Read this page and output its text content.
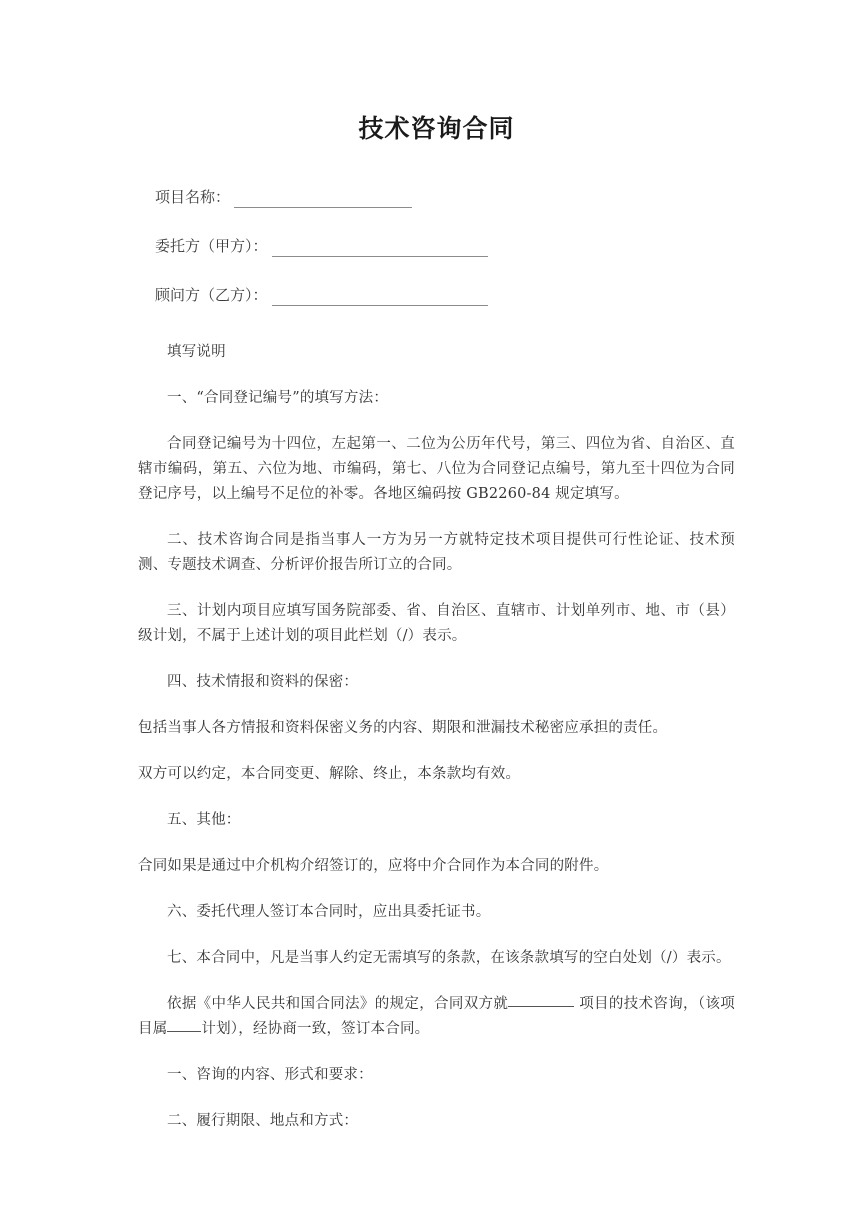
技术咨询合同
项目名称：
委托方（甲方）：
顾问方（乙方）：

填写说明

一、“合同登记编号”的填写方法：

合同登记编号为十四位，左起第一、二位为公历年代号，第三、四位为省、自治区、直辖市编码，第五、六位为地、市编码，第七、八位为合同登记点编号，第九至十四位为合同登记序号，以上编号不足位的补零。各地区编码按 GB2260-84 规定填写。

二、技术咨询合同是指当事人一方为另一方就特定技术项目提供可行性论证、技术预测、专题技术调查、分析评价报告所订立的合同。

三、计划内项目应填写国务院部委、省、自治区、直辖市、计划单列市、地、市（县）级计划，不属于上述计划的项目此栏划（/）表示。

四、技术情报和资料的保密：

包括当事人各方情报和资料保密义务的内容、期限和泄漏技术秘密应承担的责任。

双方可以约定，本合同变更、解除、终止，本条款均有效。

五、其他：

合同如果是通过中介机构介绍签订的，应将中介合同作为本合同的附件。

六、委托代理人签订本合同时，应出具委托证书。

七、本合同中，凡是当事人约定无需填写的条款，在该条款填写的空白处划（/）表示。

依据《中华人民共和国合同法》的规定，合同双方就	项目的技术咨询，（该项目属 计划），经协商一致，签订本合同。

一、咨询的内容、形式和要求：

二、履行期限、地点和方式：
